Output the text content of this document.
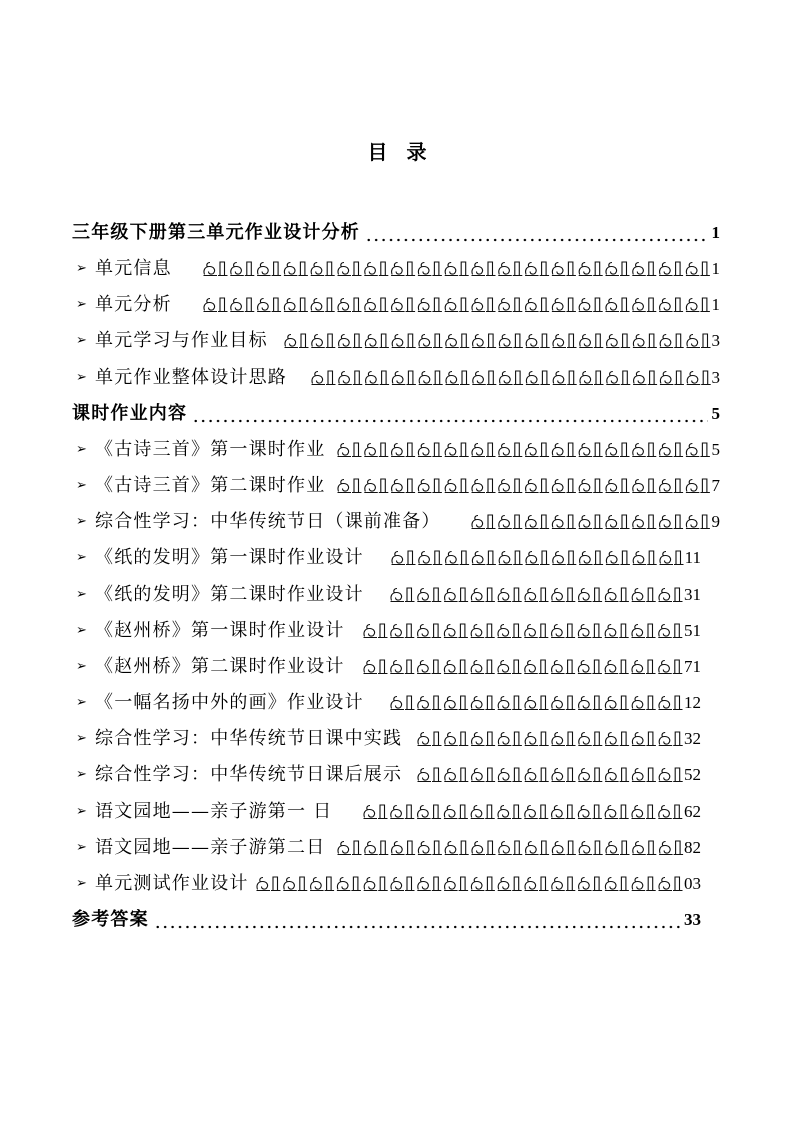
目 录
三年级下册第三单元作业设计分析	1
➢ 单元信息	1
➢ 单元分析	1
➢ 单元学习与作业目标	3
➢ 单元作业整体设计思路	3
课时作业内容	5
➢ 《古诗三首》第一课时作业	5
➢ 《古诗三首》第二课时作业	7
➢ 综合性学习：中华传统节日（课前准备）	9
➢ 《纸的发明》第一课时作业设计	11
➢ 《纸的发明》第二课时作业设计	31
➢ 《赵州桥》第一课时作业设计	51
➢ 《赵州桥》第二课时作业设计	71
➢ 《一幅名扬中外的画》作业设计	12
➢ 综合性学习：中华传统节日课中实践	32
➢ 综合性学习：中华传统节日课后展示	52
➢ 语文园地——亲子游第一 日	62
➢ 语文园地——亲子游第二日	82
➢ 单元测试作业设计	03
参考答案	33
